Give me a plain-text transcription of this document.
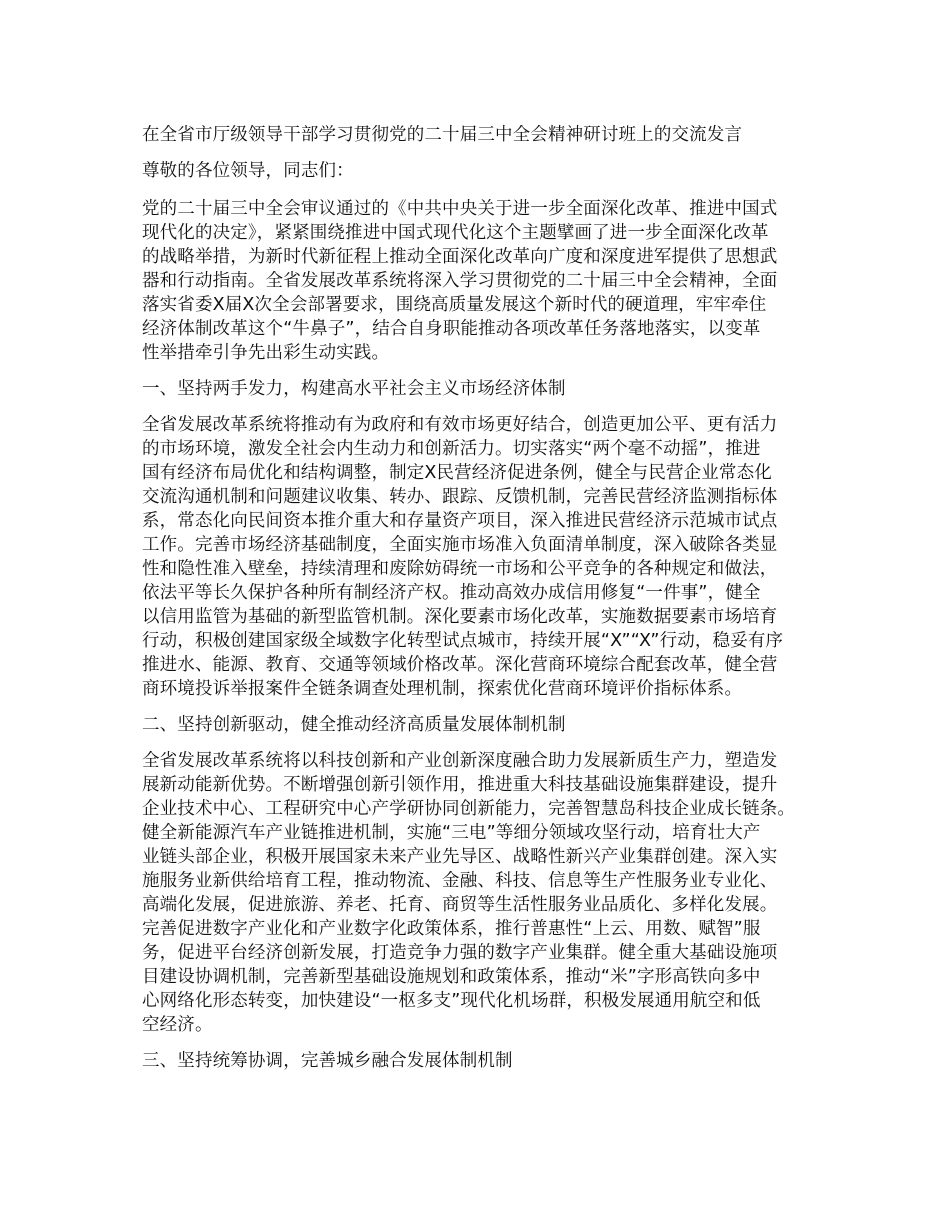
在全省市厅级领导干部学习贯彻党的二十届三中全会精神研讨班上的交流发言
尊敬的各位领导，同志们：
党的二十届三中全会审议通过的《中共中央关于进一步全面深化改革、推进中国式
现代化的决定》，紧紧围绕推进中国式现代化这个主题擘画了进一步全面深化改革
的战略举措，为新时代新征程上推动全面深化改革向广度和深度进军提供了思想武
器和行动指南。全省发展改革系统将深入学习贯彻党的二十届三中全会精神，全面
落实省委X届X次全会部署要求，围绕高质量发展这个新时代的硬道理，牢牢牵住
经济体制改革这个“牛鼻子”，结合自身职能推动各项改革任务落地落实，以变革
性举措牵引争先出彩生动实践。
一、坚持两手发力，构建高水平社会主义市场经济体制
全省发展改革系统将推动有为政府和有效市场更好结合，创造更加公平、更有活力
的市场环境，激发全社会内生动力和创新活力。切实落实“两个毫不动摇”，推进
国有经济布局优化和结构调整，制定X民营经济促进条例，健全与民营企业常态化
交流沟通机制和问题建议收集、转办、跟踪、反馈机制，完善民营经济监测指标体
系，常态化向民间资本推介重大和存量资产项目，深入推进民营经济示范城市试点
工作。完善市场经济基础制度，全面实施市场准入负面清单制度，深入破除各类显
性和隐性准入壁垒，持续清理和废除妨碍统一市场和公平竞争的各种规定和做法，
依法平等长久保护各种所有制经济产权。推动高效办成信用修复“一件事”，健全
以信用监管为基础的新型监管机制。深化要素市场化改革，实施数据要素市场培育
行动，积极创建国家级全域数字化转型试点城市，持续开展“X”“X”行动，稳妥有序
推进水、能源、教育、交通等领域价格改革。深化营商环境综合配套改革，健全营
商环境投诉举报案件全链条调查处理机制，探索优化营商环境评价指标体系。
二、坚持创新驱动，健全推动经济高质量发展体制机制
全省发展改革系统将以科技创新和产业创新深度融合助力发展新质生产力，塑造发
展新动能新优势。不断增强创新引领作用，推进重大科技基础设施集群建设，提升
企业技术中心、工程研究中心产学研协同创新能力，完善智慧岛科技企业成长链条。
健全新能源汽车产业链推进机制，实施“三电”等细分领域攻坚行动，培育壮大产
业链头部企业，积极开展国家未来产业先导区、战略性新兴产业集群创建。深入实
施服务业新供给培育工程，推动物流、金融、科技、信息等生产性服务业专业化、
高端化发展，促进旅游、养老、托育、商贸等生活性服务业品质化、多样化发展。
完善促进数字产业化和产业数字化政策体系，推行普惠性“上云、用数、赋智”服
务，促进平台经济创新发展，打造竞争力强的数字产业集群。健全重大基础设施项
目建设协调机制，完善新型基础设施规划和政策体系，推动“米”字形高铁向多中
心网络化形态转变，加快建设“一枢多支”现代化机场群，积极发展通用航空和低
空经济。
三、坚持统筹协调，完善城乡融合发展体制机制
